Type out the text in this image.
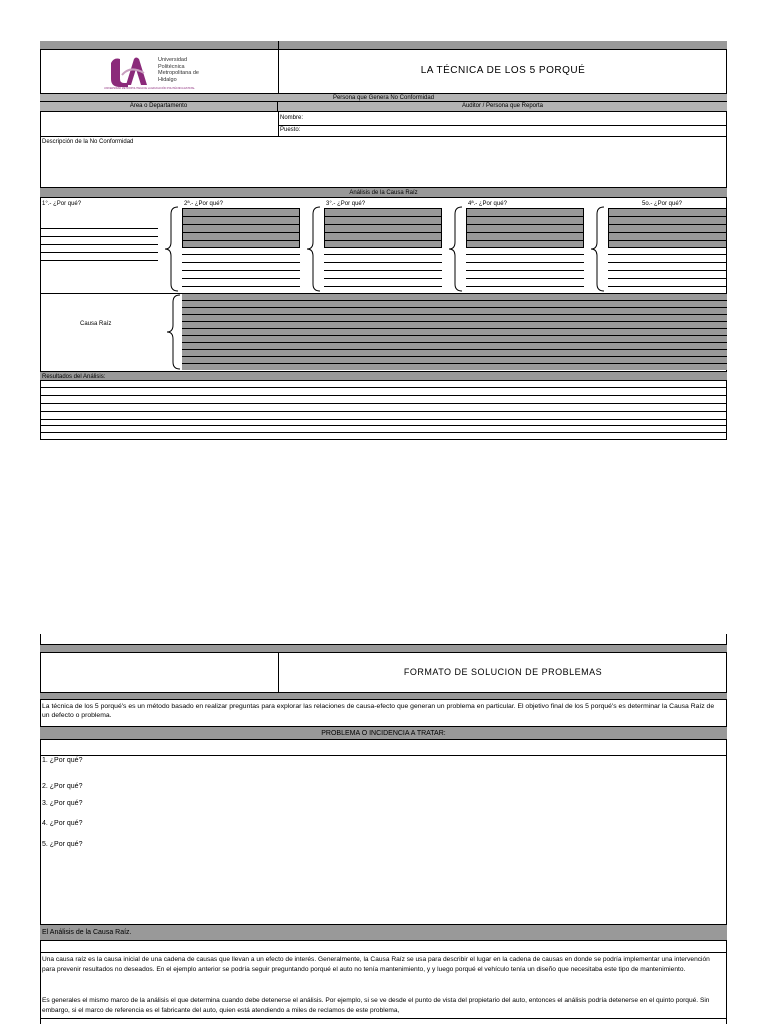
Universidad
Politécnica
Metropolitana de
Hidalgo
UNIVERSIDAD METROPOLITANA DE LA EDUCACIÓN POLITÉCNICA ESTATAL
LA TÉCNICA DE LOS 5 PORQUÉ
Persona que Genera No Conformidad
Área o Departamento	Auditor / Persona que Reporta
Nombre:
Puesto:
Descripción de la No Conformidad
Análisis de la Causa Raíz
1°.- ¿Por qué?	2ª.- ¿Por qué?	3°.- ¿Por qué?	4ª.- ¿Por qué?	5o.- ¿Por qué?
Causa Raíz
Resultados del Análisis:
FORMATO DE SOLUCION DE PROBLEMAS
La técnica de los 5 porqué's es un método basado en realizar preguntas para explorar las relaciones de causa-efecto que generan un problema en particular. El objetivo final de los 5 porqué's es determinar la Causa Raíz de un defecto o problema.
PROBLEMA O INCIDENCIA A TRATAR:
1. ¿Por qué?
2. ¿Por qué?
3. ¿Por qué?
4. ¿Por qué?
5. ¿Por qué?
El Análisis de la Causa Raíz.
Una causa raíz es la causa inicial de una cadena de causas que llevan a un efecto de interés. Generalmente, la Causa Raíz se usa para describir el lugar en la cadena de causas en donde se podría implementar una intervención para prevenir resultados no deseados. En el ejemplo anterior se podría seguir preguntando porqué el auto no tenía mantenimiento, y y luego porqué el vehículo tenía un diseño que necesitaba este tipo de mantenimiento.
Es generales el mismo marco de la análisis el que determina cuando debe detenerse el análisis. Por ejemplo, si se ve desde el punto de vista del propietario del auto, entonces el análisis podría detenerse en el quinto porqué. Sin embargo, si el marco de referencia es el fabricante del auto, quien está atendiendo a miles de reclamos de este problema,
